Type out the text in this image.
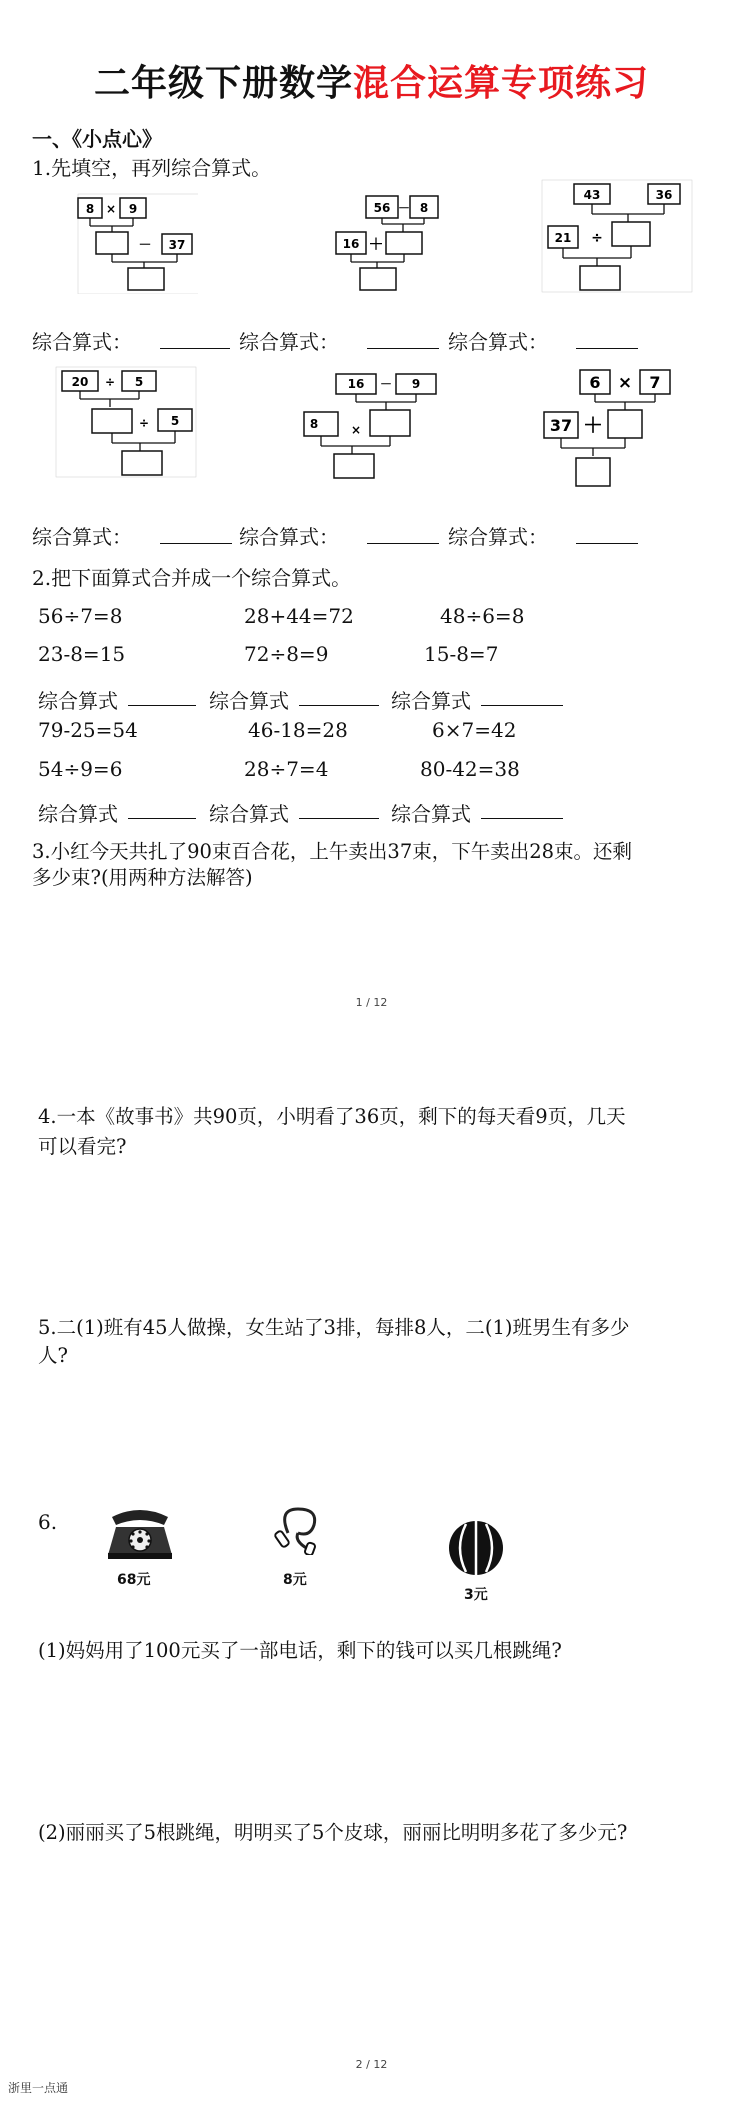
二年级下册数学混合运算专项练习
一、《小点心》
1.先填空，再列综合算式。
8 × 9
－ 37
56 － 8
16 ＋
43	36
21 ÷
综合算式：	综合算式：	综合算式：
20 ÷ 5
÷ 5
16 － 9
8	×
6 × 7
37 ＋
综合算式：	综合算式：	综合算式：
2.把下面算式合并成一个综合算式。
56÷7=8	28+44=72	48÷6=8
23-8=15	72÷8=9	15-8=7
综合算式	综合算式	综合算式
79-25=54	46-18=28	6×7=42
54÷9=6	28÷7=4	80-42=38
综合算式	综合算式	综合算式
3.小红今天共扎了90束百合花，上午卖出37束，下午卖出28束。还剩
多少束?(用两种方法解答)
1 / 12
4.一本《故事书》共90页，小明看了36页，剩下的每天看9页，几天
可以看完?
5.二(1)班有45人做操，女生站了3排，每排8人，二(1)班男生有多少
人?
6.
68元	8元
3元
(1)妈妈用了100元买了一部电话，剩下的钱可以买几根跳绳?
(2)丽丽买了5根跳绳，明明买了5个皮球，丽丽比明明多花了多少元?
2 / 12
浙里一点通
